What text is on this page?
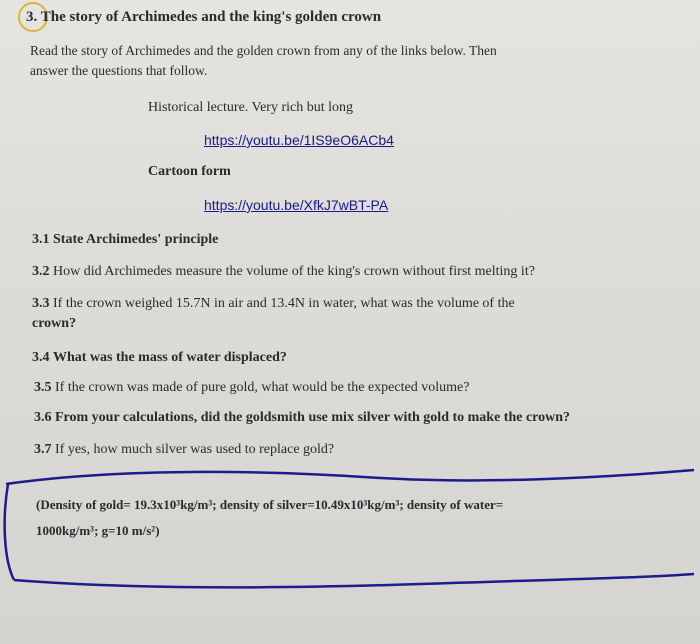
3. The story of Archimedes and the king's golden crown
Read the story of Archimedes and the golden crown from any of the links below. Then
answer the questions that follow.
Historical lecture. Very rich but long
https://youtu.be/1IS9eO6ACb4
Cartoon form
https://youtu.be/XfkJ7wBT-PA
3.1 State Archimedes' principle
3.2 How did Archimedes measure the volume of the king's crown without first melting it?
3.3 If the crown weighed 15.7N in air and 13.4N in water, what was the volume of the
crown?
3.4 What was the mass of water displaced?
3.5 If the crown was made of pure gold, what would be the expected volume?
3.6 From your calculations, did the goldsmith use mix silver with gold to make the crown?
3.7 If yes, how much silver was used to replace gold?
(Density of gold= 19.3x10³kg/m³; density of silver=10.49x10³kg/m³; density of water=
1000kg/m³; g=10 m/s²)
